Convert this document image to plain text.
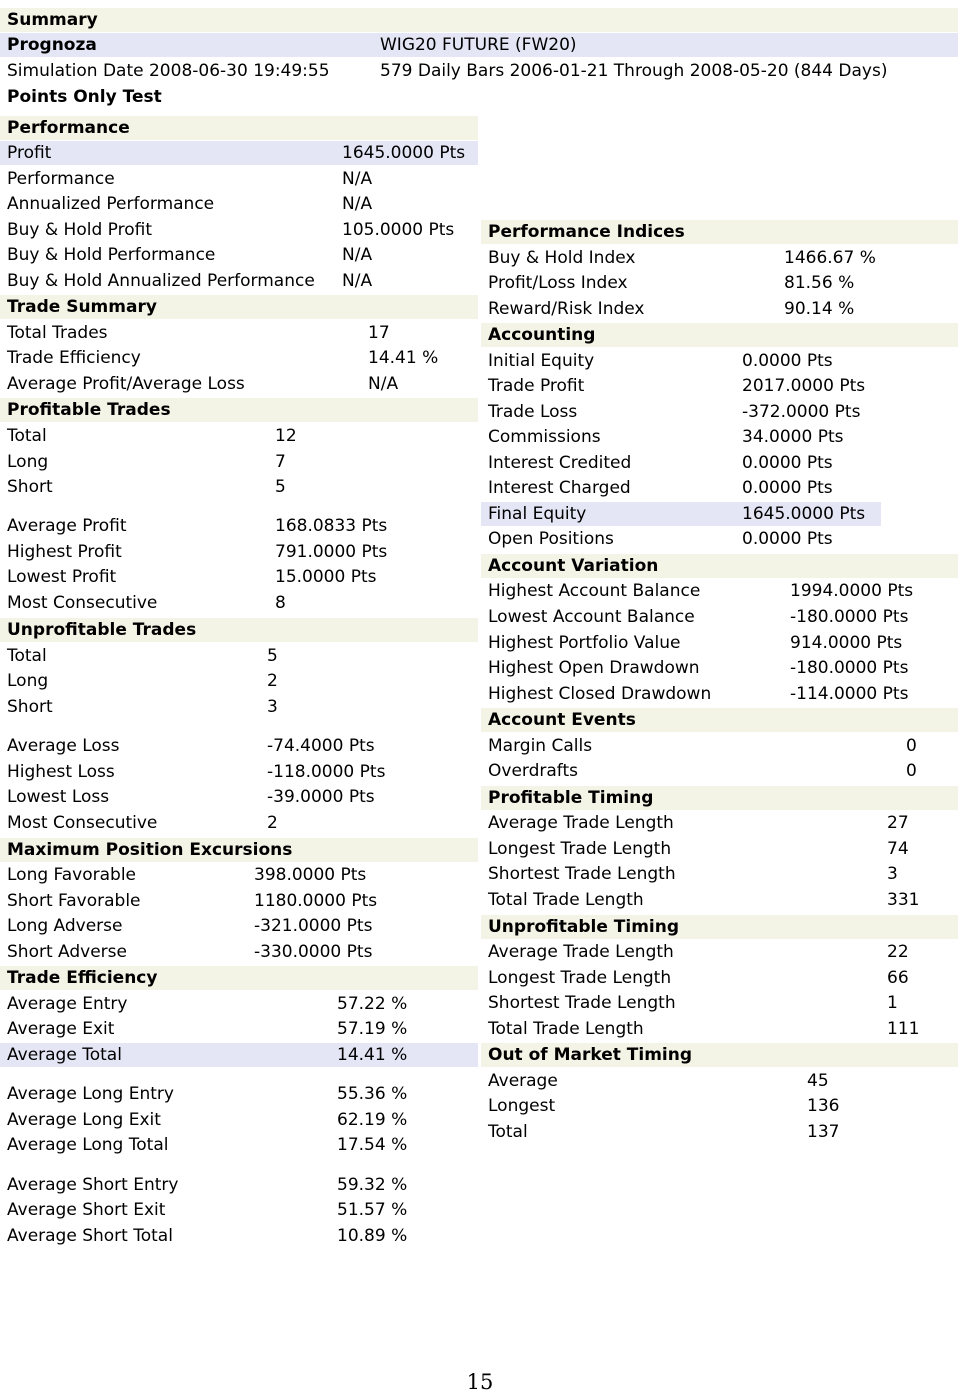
Summary
Prognoza	WIG20 FUTURE (FW20)
Simulation Date 2008-06-30 19:49:55	579 Daily Bars 2006-01-21 Through 2008-05-20 (844 Days)
Points Only Test
Performance
Profit	1645.0000 Pts
Performance	N/A
Annualized Performance	N/A
Buy & Hold Profit	105.0000 Pts
Buy & Hold Performance	N/A
Buy & Hold Annualized Performance N/A
Trade Summary
Total Trades	17
Trade Efficiency	14.41 %
Average Profit/Average Loss	N/A
Profitable Trades
Total	12
Long	7
Short	5
Average Profit	168.0833 Pts
Highest Profit	791.0000 Pts
Lowest Profit	15.0000 Pts
Most Consecutive	8
Unprofitable Trades
Total	5
Long	2
Short	3
Average Loss	-74.4000 Pts
Highest Loss	-118.0000 Pts
Lowest Loss	-39.0000 Pts
Most Consecutive	2
Maximum Position Excursions
Long Favorable	398.0000 Pts
Short Favorable	1180.0000 Pts
Long Adverse	-321.0000 Pts
Short Adverse	-330.0000 Pts
Trade Efficiency
Average Entry	57.22 %
Average Exit	57.19 %
Average Total	14.41 %
Average Long Entry	55.36 %
Average Long Exit	62.19 %
Average Long Total	17.54 %
Average Short Entry	59.32 %
Average Short Exit	51.57 %
Average Short Total	10.89 %
Performance Indices
Buy & Hold Index	1466.67 %
Profit/Loss Index	81.56 %
Reward/Risk Index	90.14 %
Accounting
Initial Equity	0.0000 Pts
Trade Profit	2017.0000 Pts
Trade Loss	-372.0000 Pts
Commissions	34.0000 Pts
Interest Credited	0.0000 Pts
Interest Charged	0.0000 Pts
Final Equity	1645.0000 Pts
Open Positions	0.0000 Pts
Account Variation
Highest Account Balance	1994.0000 Pts
Lowest Account Balance	-180.0000 Pts
Highest Portfolio Value	914.0000 Pts
Highest Open Drawdown	-180.0000 Pts
Highest Closed Drawdown	-114.0000 Pts
Account Events
Margin Calls	0
Overdrafts	0
Profitable Timing
Average Trade Length	27
Longest Trade Length	74
Shortest Trade Length	3
Total Trade Length	331
Unprofitable Timing
Average Trade Length	22
Longest Trade Length	66
Shortest Trade Length	1
Total Trade Length	111
Out of Market Timing
Average	45
Longest	136
Total	137
15
